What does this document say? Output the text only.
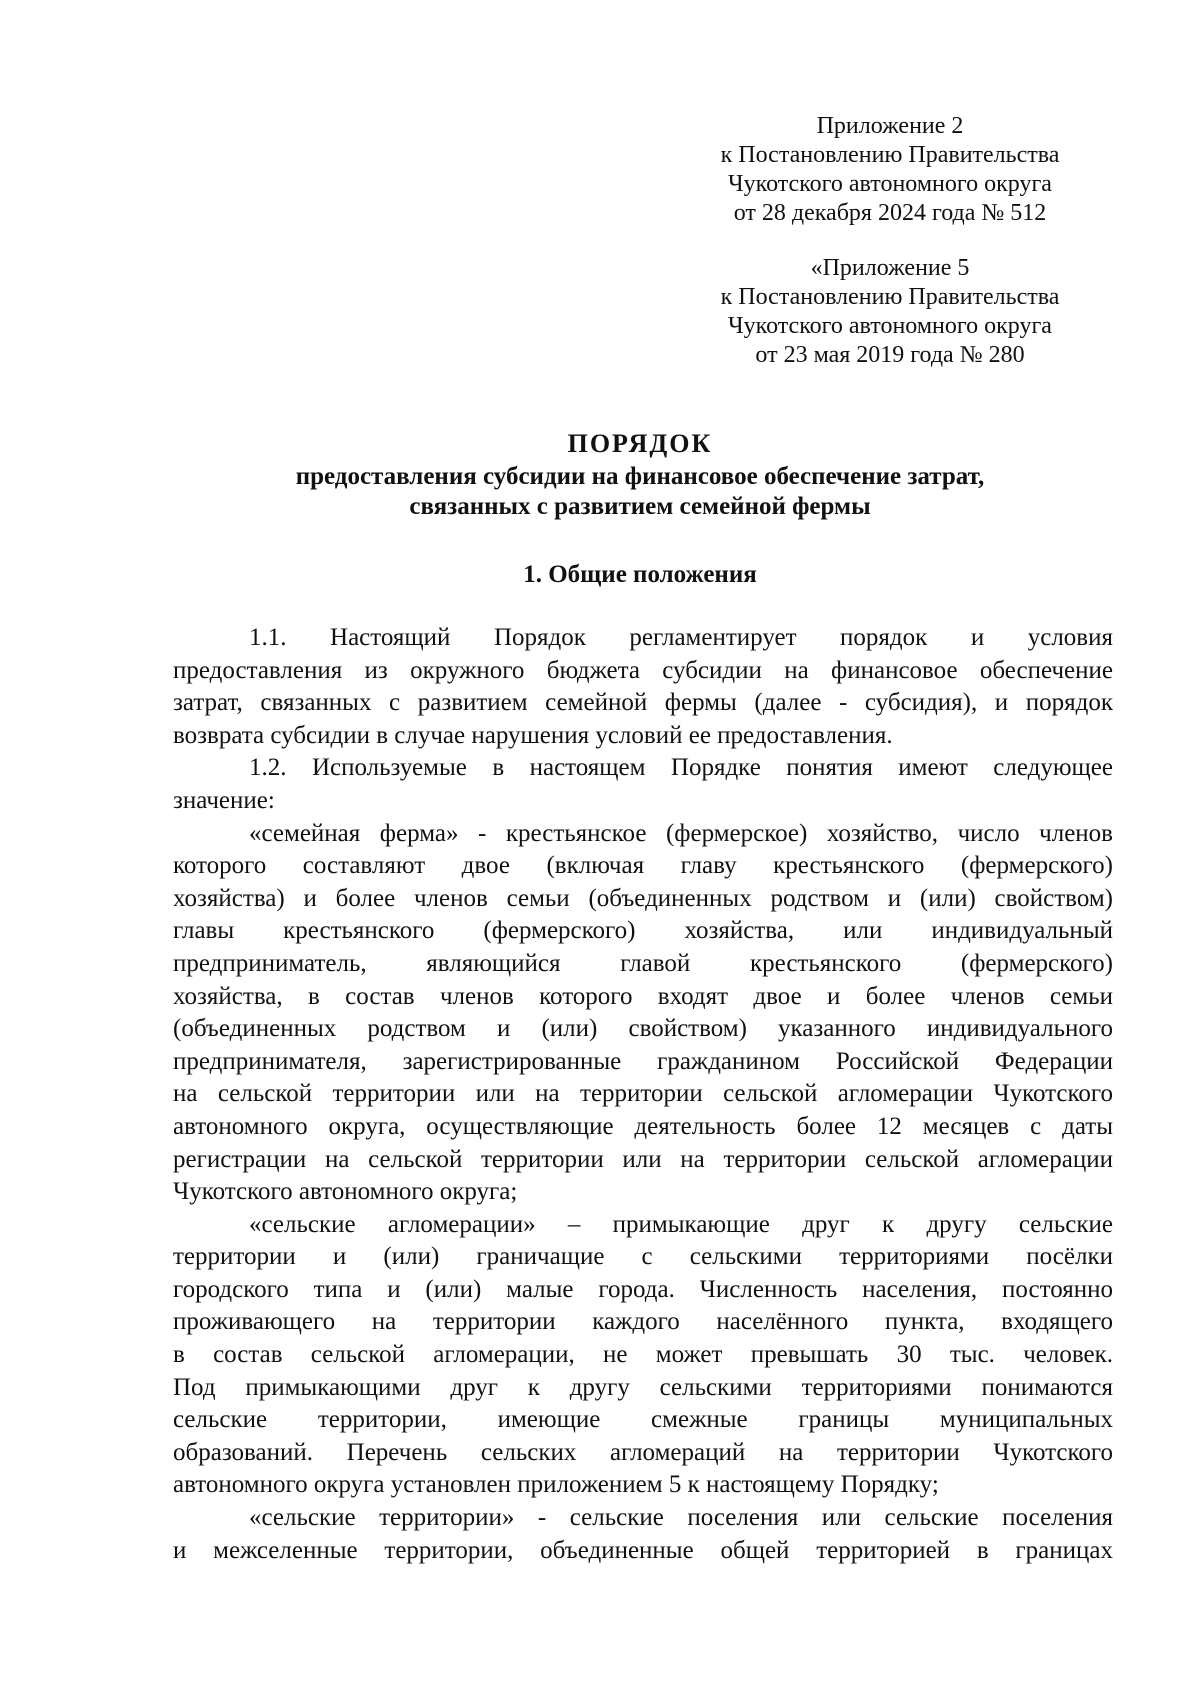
Приложение 2
к Постановлению Правительства
Чукотского автономного округа
от 28 декабря 2024 года № 512
«Приложение 5
к Постановлению Правительства
Чукотского автономного округа
от 23 мая 2019 года № 280
ПОРЯДОК
предоставления субсидии на финансовое обеспечение затрат,
связанных с развитием семейной фермы
1. Общие положения
1.1. Настоящий Порядок регламентирует порядок и условия
предоставления из окружного бюджета субсидии на финансовое обеспечение
затрат, связанных с развитием семейной фермы (далее - субсидия), и порядок
возврата субсидии в случае нарушения условий ее предоставления.
1.2. Используемые в настоящем Порядке понятия имеют следующее
значение:
«семейная ферма» - крестьянское (фермерское) хозяйство, число членов
которого составляют двое (включая главу крестьянского (фермерского)
хозяйства) и более членов семьи (объединенных родством и (или) свойством)
главы крестьянского (фермерского) хозяйства, или индивидуальный
предприниматель, являющийся главой крестьянского (фермерского)
хозяйства, в состав членов которого входят двое и более членов семьи
(объединенных родством и (или) свойством) указанного индивидуального
предпринимателя, зарегистрированные гражданином Российской Федерации
на сельской территории или на территории сельской агломерации Чукотского
автономного округа, осуществляющие деятельность более 12 месяцев с даты
регистрации на сельской территории или на территории сельской агломерации
Чукотского автономного округа;
«сельские агломерации» – примыкающие друг к другу сельские
территории и (или) граничащие с сельскими территориями посёлки
городского типа и (или) малые города. Численность населения, постоянно
проживающего на территории каждого населённого пункта, входящего
в состав сельской агломерации, не может превышать 30 тыс. человек.
Под примыкающими друг к другу сельскими территориями понимаются
сельские территории, имеющие смежные границы муниципальных
образований. Перечень сельских агломераций на территории Чукотского
автономного округа установлен приложением 5 к настоящему Порядку;
«сельские территории» - сельские поселения или сельские поселения
и межселенные территории, объединенные общей территорией в границах
